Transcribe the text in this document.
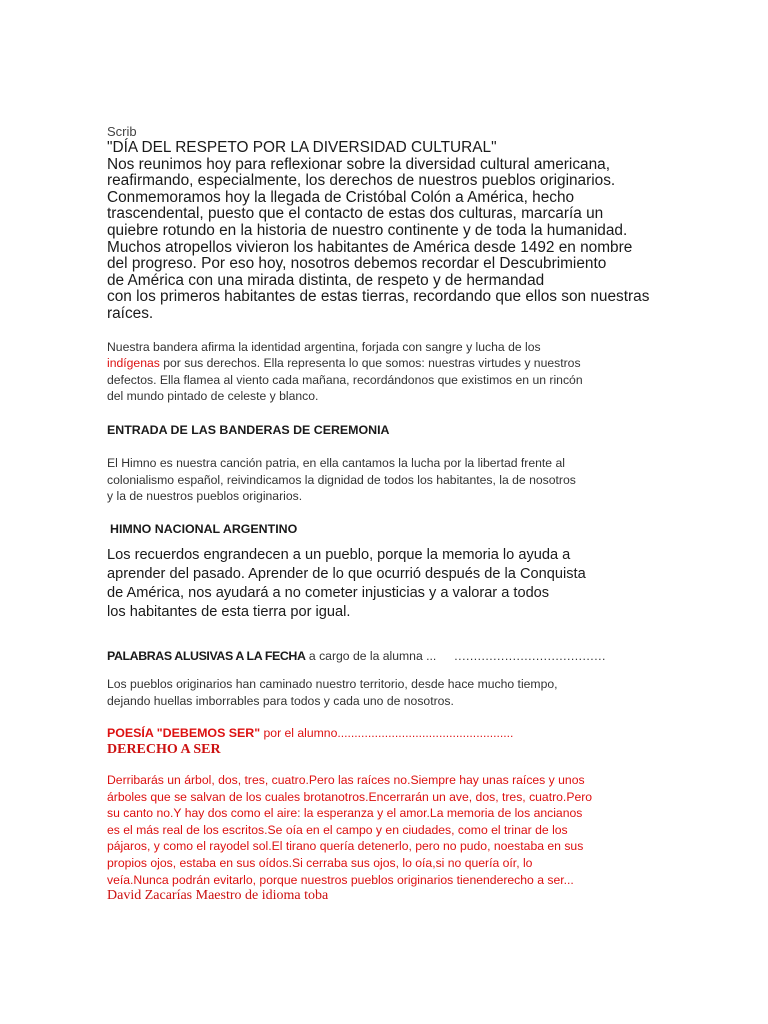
Scrib
"DÍA DEL RESPETO POR LA DIVERSIDAD CULTURAL"
Nos reunimos hoy para reflexionar sobre la diversidad cultural americana,
reafirmando, especialmente, los derechos de nuestros pueblos originarios.
Conmemoramos hoy la llegada de Cristóbal Colón a América, hecho
trascendental, puesto que el contacto de estas dos culturas, marcaría un
quiebre rotundo en la historia de nuestro continente y de toda la humanidad.
Muchos atropellos vivieron los habitantes de América desde 1492 en nombre
del progreso. Por eso hoy, nosotros debemos recordar el Descubrimiento
de América con una mirada distinta, de respeto y de hermandad
con los primeros habitantes de estas tierras, recordando que ellos son nuestras
raíces.
Nuestra bandera afirma la identidad argentina, forjada con sangre y lucha de los
indígenas por sus derechos. Ella representa lo que somos: nuestras virtudes y nuestros
defectos. Ella flamea al viento cada mañana, recordándonos que existimos en un rincón
del mundo pintado de celeste y blanco.
ENTRADA DE LAS BANDERAS DE CEREMONIA
El Himno es nuestra canción patria, en ella cantamos la lucha por la libertad frente al
colonialismo español, reivindicamos la dignidad de todos los habitantes, la de nosotros
y la de nuestros pueblos originarios.
HIMNO NACIONAL ARGENTINO
Los recuerdos engrandecen a un pueblo, porque la memoria lo ayuda a
aprender del pasado. Aprender de lo que ocurrió después de la Conquista
de América, nos ayudará a no cometer injusticias y a valorar a todos
los habitantes de esta tierra por igual.
PALABRAS ALUSIVAS A LA FECHA a cargo de la alumna ... .......................................
Los pueblos originarios han caminado nuestro territorio, desde hace mucho tiempo,
dejando huellas imborrables para todos y cada uno de nosotros.
POESÍA "DEBEMOS SER" por el alumno....................................................
DERECHO A SER
Derribarás un árbol, dos, tres, cuatro.Pero las raíces no.Siempre hay unas raíces y unos
árboles que se salvan de los cuales brotanotros.Encerrarán un ave, dos, tres, cuatro.Pero
su canto no.Y hay dos como el aire: la esperanza y el amor.La memoria de los ancianos
es el más real de los escritos.Se oía en el campo y en ciudades, como el trinar de los
pájaros, y como el rayodel sol.El tirano quería detenerlo, pero no pudo, noestaba en sus
propios ojos, estaba en sus oídos.Si cerraba sus ojos, lo oía,si no quería oír, lo
veía.Nunca podrán evitarlo, porque nuestros pueblos originarios tienenderecho a ser...
David Zacarías Maestro de idioma toba
